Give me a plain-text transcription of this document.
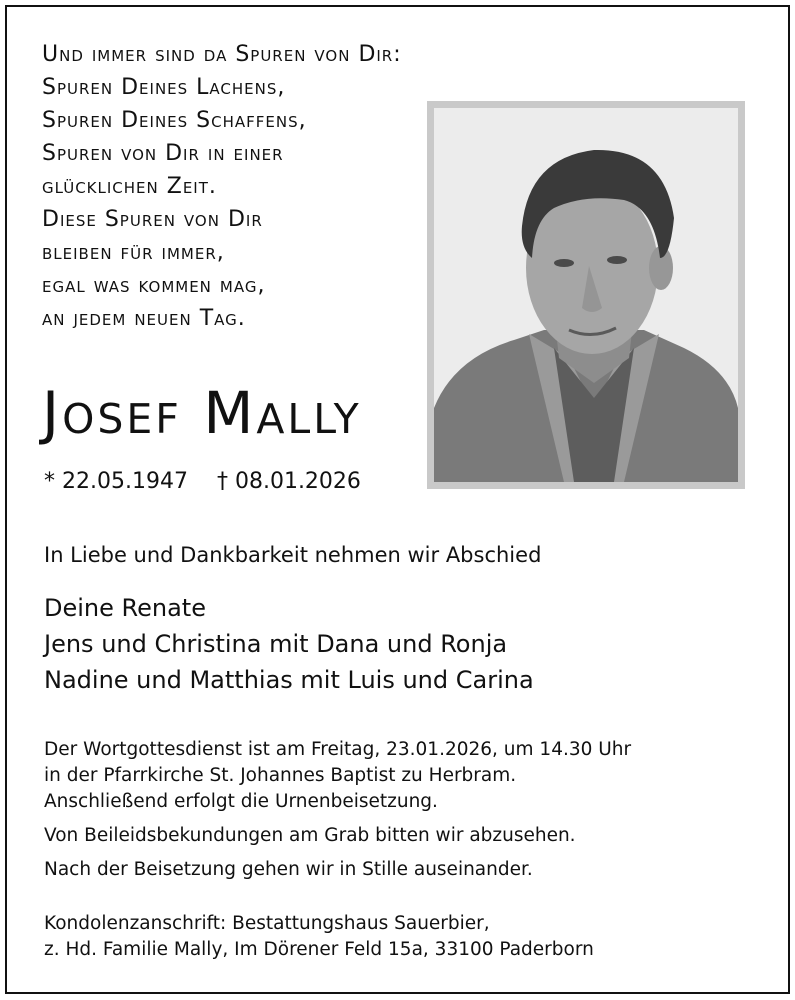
Und immer sind da Spuren von Dir:
Spuren Deines Lachens,
Spuren Deines Schaffens,
Spuren von Dir in einer
glücklichen Zeit.
Diese Spuren von Dir
bleiben für immer,
egal was kommen mag,
an jedem neuen Tag.
Josef Mally
* 22.05.1947 † 08.01.2026
In Liebe und Dankbarkeit nehmen wir Abschied
Deine Renate
Jens und Christina mit Dana und Ronja
Nadine und Matthias mit Luis und Carina
Der Wortgottesdienst ist am Freitag, 23.01.2026, um 14.30 Uhr
in der Pfarrkirche St. Johannes Baptist zu Herbram.
Anschließend erfolgt die Urnenbeisetzung.
Von Beileidsbekundungen am Grab bitten wir abzusehen.
Nach der Beisetzung gehen wir in Stille auseinander.
Kondolenzanschrift: Bestattungshaus Sauerbier,
z. Hd. Familie Mally, Im Dörener Feld 15a, 33100 Paderborn
